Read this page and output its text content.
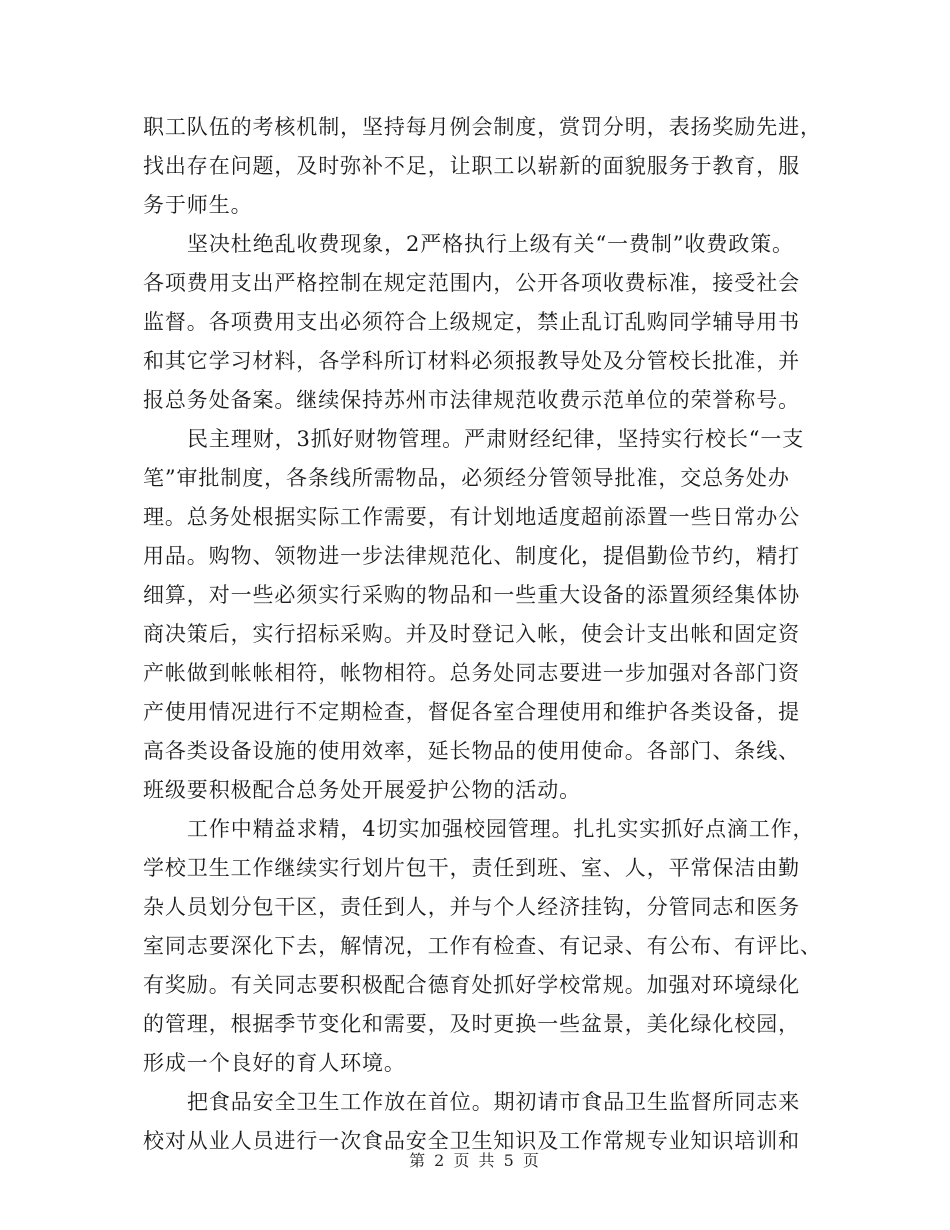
职工队伍的考核机制，坚持每月例会制度，赏罚分明，表扬奖励先进，
找出存在问题，及时弥补不足，让职工以崭新的面貌服务于教育，服
务于师生。
坚决杜绝乱收费现象，2严格执行上级有关“一费制”收费政策。
各项费用支出严格控制在规定范围内，公开各项收费标准，接受社会
监督。各项费用支出必须符合上级规定，禁止乱订乱购同学辅导用书
和其它学习材料，各学科所订材料必须报教导处及分管校长批准，并
报总务处备案。继续保持苏州市法律规范收费示范单位的荣誉称号。
民主理财，3抓好财物管理。严肃财经纪律，坚持实行校长“一支
笔”审批制度，各条线所需物品，必须经分管领导批准，交总务处办
理。总务处根据实际工作需要，有计划地适度超前添置一些日常办公
用品。购物、领物进一步法律规范化、制度化，提倡勤俭节约，精打
细算，对一些必须实行采购的物品和一些重大设备的添置须经集体协
商决策后，实行招标采购。并及时登记入帐，使会计支出帐和固定资
产帐做到帐帐相符，帐物相符。总务处同志要进一步加强对各部门资
产使用情况进行不定期检查，督促各室合理使用和维护各类设备，提
高各类设备设施的使用效率，延长物品的使用使命。各部门、条线、
班级要积极配合总务处开展爱护公物的活动。
工作中精益求精，4切实加强校园管理。扎扎实实抓好点滴工作，
学校卫生工作继续实行划片包干，责任到班、室、人，平常保洁由勤
杂人员划分包干区，责任到人，并与个人经济挂钩，分管同志和医务
室同志要深化下去，解情况，工作有检查、有记录、有公布、有评比、
有奖励。有关同志要积极配合德育处抓好学校常规。加强对环境绿化
的管理，根据季节变化和需要，及时更换一些盆景，美化绿化校园，
形成一个良好的育人环境。
把食品安全卫生工作放在首位。期初请市食品卫生监督所同志来
校对从业人员进行一次食品安全卫生知识及工作常规专业知识培训和
第 2 页 共 5 页
